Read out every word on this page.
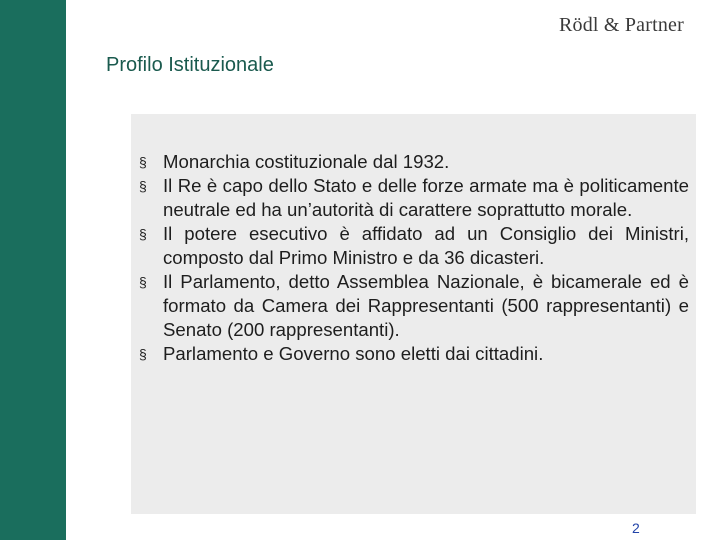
Rödl & Partner
Profilo Istituzionale
§ Monarchia costituzionale dal 1932.
§ Il Re è capo dello Stato e delle forze armate ma è politicamente neutrale ed ha un’autorità di carattere soprattutto morale.
§ Il potere esecutivo è affidato ad un Consiglio dei Ministri, composto dal Primo Ministro e da 36 dicasteri.
§ Il Parlamento, detto Assemblea Nazionale, è bicamerale ed è formato da Camera dei Rappresentanti (500 rappresentanti) e Senato (200 rappresentanti).
§ Parlamento e Governo sono eletti dai cittadini.
2
